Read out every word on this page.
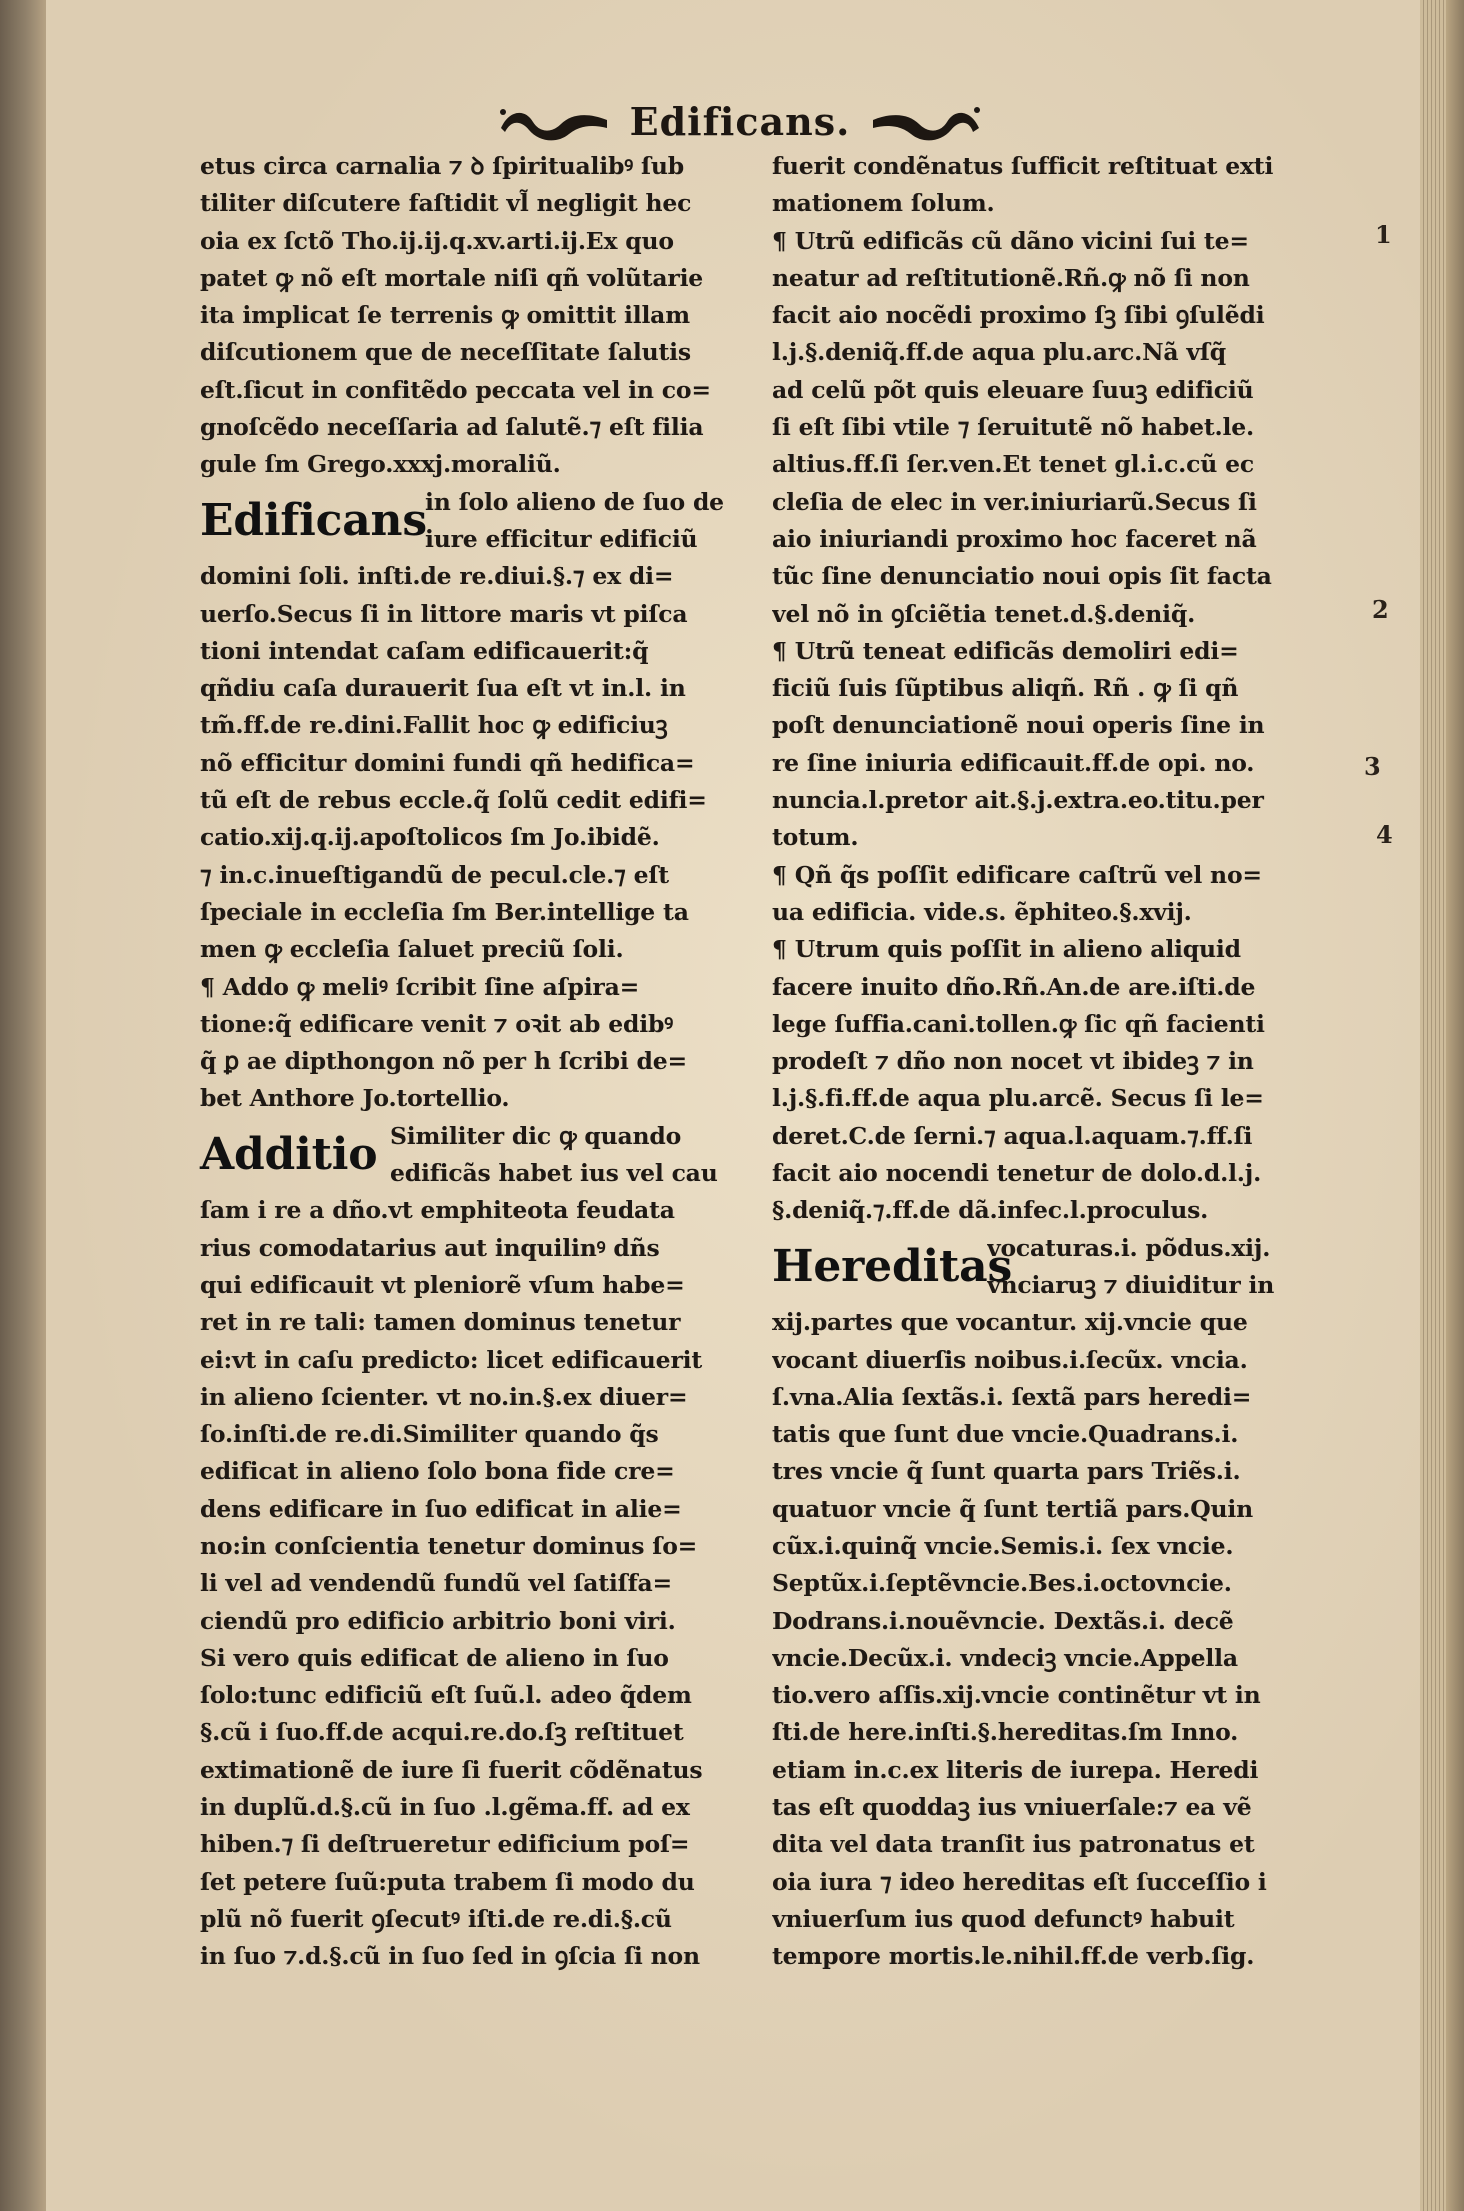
Edificans.
etus circa carnalia ⁊ ꝺ ſpiritualibꝰ ſub
tiliter diſcutere faſtidit vl̃ negligit hec
oia ex ſctõ Tho.ij.ij.q.xv.arti.ij.Ex quo
patet ꝙ nõ eſt mortale niſi qñ volũtarie
ita implicat ſe terrenis ꝙ omittit illam
diſcutionem que de neceſſitate ſalutis
eſt.ſicut in confitẽdo peccata vel in co=
gnoſcẽdo neceſſaria ad ſalutẽ.⁊ eſt filia
gule ſm Grego.xxxj.moraliũ.
Edificans
in ſolo alieno de ſuo de
iure efficitur edificiũ
domini ſoli. inſti.de re.diui.§.⁊ ex di=
uerſo.Secus ſi in littore maris vt piſca
tioni intendat caſam edificauerit:q̃
qñdiu caſa durauerit ſua eſt vt in.l. in
tm̃.ff.de re.dini.Fallit hoc ꝙ edificiuꝫ
nõ efficitur domini fundi qñ hedifica=
tũ eſt de rebus eccle.q̃ ſolũ cedit edifi=
catio.xij.q.ij.apoſtolicos ſm Jo.ibidẽ.
⁊ in.c.inueſtigandũ de pecul.cle.⁊ eſt
ſpeciale in eccleſia ſm Ber.intellige ta
men ꝙ eccleſia ſaluet preciũ ſoli.
¶ Addo ꝙ meliꝰ ſcribit ſine aſpira=
tione:q̃ edificare venit ⁊ oꝛit ab edibꝰ
q̃ ꝑ ae dipthongon nõ per h ſcribi de=
bet Anthore Jo.tortellio.
Additio Similiter dic ꝙ quando
edificãs habet ius vel cau
ſam i re a dño.vt emphiteota feudata
rius comodatarius aut inquilinꝰ dñs
qui edificauit vt pleniorẽ vſum habe=
ret in re tali: tamen dominus tenetur
ei:vt in caſu predicto: licet edificauerit
in alieno ſcienter. vt no.in.§.ex diuer=
ſo.inſti.de re.di.Similiter quando q̃s
edificat in alieno ſolo bona fide cre=
dens edificare in ſuo edificat in alie=
no:in conſcientia tenetur dominus ſo=
li vel ad vendendũ fundũ vel ſatiſfa=
ciendũ pro edificio arbitrio boni viri.
Si vero quis edificat de alieno in ſuo
ſolo:tunc edificiũ eſt ſuũ.l. adeo q̃dem
§.cũ i ſuo.ff.de acqui.re.do.ſꝫ reſtituet
extimationẽ de iure ſi fuerit cõdẽnatus
in duplũ.d.§.cũ in ſuo .l.gẽma.ff. ad ex
hiben.⁊ ſi deſtrueretur edificium poſ=
ſet petere ſuũ:puta trabem ſi modo du
plũ nõ fuerit ꝯſecutꝰ iſti.de re.di.§.cũ
in ſuo ⁊.d.§.cũ in ſuo ſed in ꝯſcia ſi non
fuerit condẽnatus ſufficit reſtituat exti
mationem ſolum.
¶ Utrũ edificãs cũ dãno vicini ſui te=
neatur ad reſtitutionẽ.Rñ.ꝙ nõ ſi non
facit aio nocẽdi proximo ſꝫ ſibi ꝯſulẽdi
l.j.§.deniq̃.ff.de aqua plu.arc.Nã vſq̃
ad celũ põt quis eleuare ſuuꝫ edificiũ
ſi eſt ſibi vtile ⁊ ſeruitutẽ nõ habet.le.
altius.ff.ſi ſer.ven.Et tenet gl.i.c.cũ ec
cleſia de elec in ver.iniuriarũ.Secus ſi
aio iniuriandi proximo hoc faceret nã
tũc ſine denunciatio noui opis ſit facta
vel nõ in ꝯſciẽtia tenet.d.§.deniq̃.
¶ Utrũ teneat edificãs demoliri edi=
ficiũ ſuis ſũptibus aliqñ. Rñ . ꝙ ſi qñ
poſt denunciationẽ noui operis ſine in
re ſine iniuria edificauit.ff.de opi. no.
nuncia.l.pretor ait.§.j.extra.eo.titu.per
totum.
¶ Qñ q̃s poſſit edificare caſtrũ vel no=
ua edificia. vide.s. ẽphiteo.§.xvij.
¶ Utrum quis poſſit in alieno aliquid
facere inuito dño.Rñ.An.de are.iſti.de
lege ſuffia.cani.tollen.ꝙ ſic qñ facienti
prodeſt ⁊ dño non nocet vt ibideꝫ ⁊ in
l.j.§.fi.ff.de aqua plu.arcẽ. Secus ſi le=
deret.C.de ſerni.⁊ aqua.l.aquam.⁊.ff.ſi
facit aio nocendi tenetur de dolo.d.l.j.
§.deniq̃.⁊.ff.de dã.infec.l.proculus.
Hereditas
vocaturas.i. põdus.xij.
vnciaruꝫ ⁊ diuiditur in
xij.partes que vocantur. xij.vncie que
vocant diuerſis noibus.i.ſecũx. vncia.
ſ.vna.Alia ſextãs.i. ſextã pars heredi=
tatis que ſunt due vncie.Quadrans.i.
tres vncie q̃ ſunt quarta pars Triẽs.i.
quatuor vncie q̃ ſunt tertiã pars.Quin
cũx.i.quinq̃ vncie.Semis.i. ſex vncie.
Septũx.i.ſeptẽvncie.Bes.i.octovncie.
Dodrans.i.nouẽvncie. Dextãs.i. decẽ
vncie.Decũx.i. vndeciꝫ vncie.Appella
tio.vero aſſis.xij.vncie continẽtur vt in
ſti.de here.inſti.§.hereditas.ſm Inno.
etiam in.c.ex literis de iurepa. Heredi
tas eſt quoddaꝫ ius vniuerſale:⁊ ea vẽ
dita vel data tranſit ius patronatus et
oia iura ⁊ ideo hereditas eſt ſucceſſio i
vniuerſum ius quod defunctꝰ habuit
tempore mortis.le.nihil.ff.de verb.ſig.
1
2
3
4
